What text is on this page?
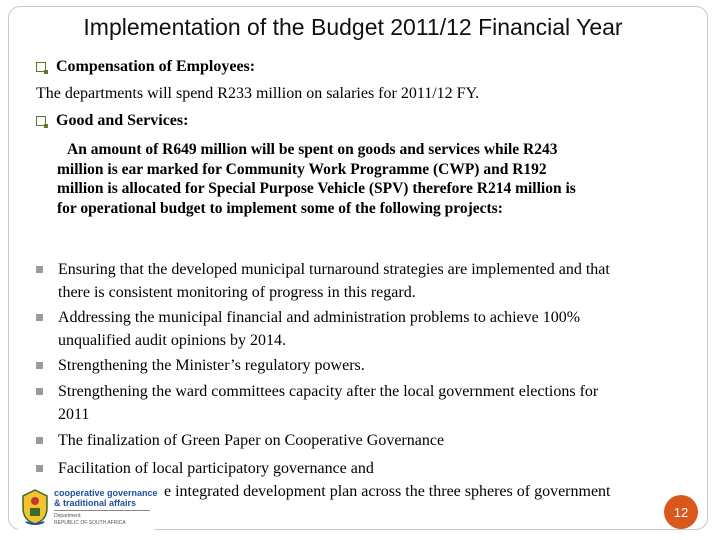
Implementation of the Budget 2011/12 Financial Year
Compensation of Employees:
The departments will spend R233 million on salaries for 2011/12 FY.
Good and Services:
An amount of R649 million will be spent on goods and services while R243
million is ear marked for Community Work Programme (CWP) and R192
million is allocated for Special Purpose Vehicle (SPV) therefore R214 million is
for operational budget to implement some of the following projects:
Ensuring that the developed municipal turnaround strategies are implemented and that
there is consistent monitoring of progress in this regard.
Addressing the municipal financial and administration problems to achieve 100%
unqualified audit opinions by 2014.
Strengthening the Minister’s regulatory powers.
Strengthening the ward committees capacity after the local government elections for
2011
The finalization of Green Paper on Cooperative Governance
Facilitation of local participatory governance and
e integrated development plan across the three spheres of government
cooperative governance
& traditional affairs
Department:
REPUBLIC OF SOUTH AFRICA
12
